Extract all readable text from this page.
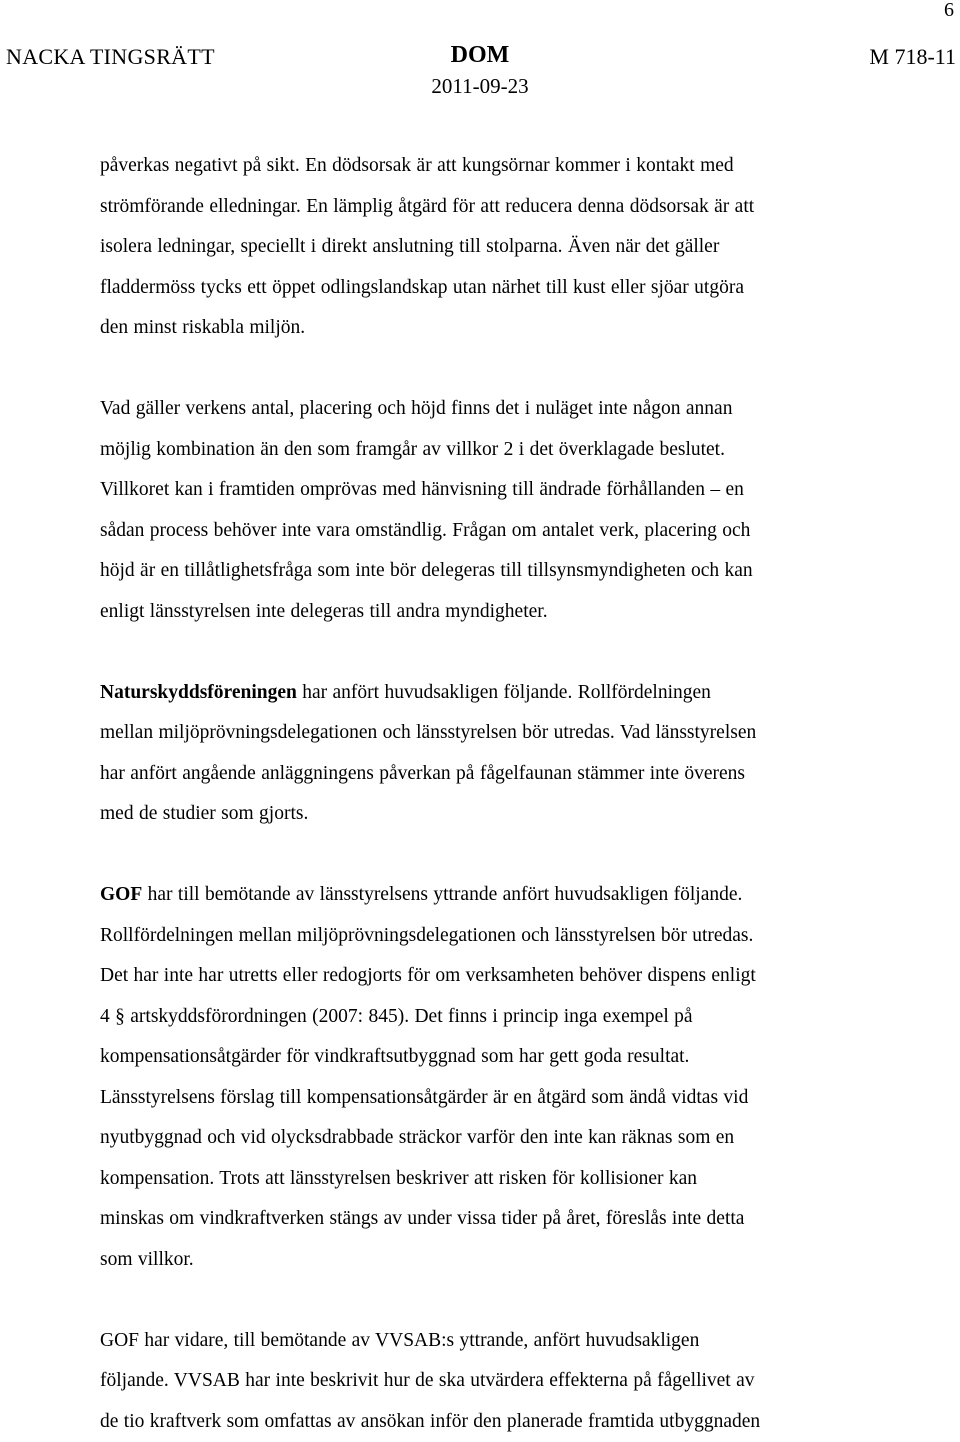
6
NACKA TINGSRÄTT	DOM
2011-09-23
M 718-11

påverkas negativt på sikt. En dödsorsak är att kungsörnar kommer i kontakt med
strömförande elledningar. En lämplig åtgärd för att reducera denna dödsorsak är att
isolera ledningar, speciellt i direkt anslutning till stolparna. Även när det gäller
fladdermöss tycks ett öppet odlingslandskap utan närhet till kust eller sjöar utgöra
den minst riskabla miljön.

Vad gäller verkens antal, placering och höjd finns det i nuläget inte någon annan
möjlig kombination än den som framgår av villkor 2 i det överklagade beslutet.
Villkoret kan i framtiden omprövas med hänvisning till ändrade förhållanden – en
sådan process behöver inte vara omständlig. Frågan om antalet verk, placering och
höjd är en tillåtlighetsfråga som inte bör delegeras till tillsynsmyndigheten och kan
enligt länsstyrelsen inte delegeras till andra myndigheter.

Naturskyddsföreningen har anfört huvudsakligen följande. Rollfördelningen
mellan miljöprövningsdelegationen och länsstyrelsen bör utredas. Vad länsstyrelsen
har anfört angående anläggningens påverkan på fågelfaunan stämmer inte överens
med de studier som gjorts.

GOF har till bemötande av länsstyrelsens yttrande anfört huvudsakligen följande.
Rollfördelningen mellan miljöprövningsdelegationen och länsstyrelsen bör utredas.
Det har inte har utretts eller redogjorts för om verksamheten behöver dispens enligt
4 § artskyddsförordningen (2007: 845). Det finns i princip inga exempel på
kompensationsåtgärder för vindkraftsutbyggnad som har gett goda resultat.
Länsstyrelsens förslag till kompensationsåtgärder är en åtgärd som ändå vidtas vid
nyutbyggnad och vid olycksdrabbade sträckor varför den inte kan räknas som en
kompensation. Trots att länsstyrelsen beskriver att risken för kollisioner kan
minskas om vindkraftverken stängs av under vissa tider på året, föreslås inte detta
som villkor.

GOF har vidare, till bemötande av VVSAB:s yttrande, anfört huvudsakligen
följande. VVSAB har inte beskrivit hur de ska utvärdera effekterna på fågellivet av
de tio kraftverk som omfattas av ansökan inför den planerade framtida utbyggnaden
